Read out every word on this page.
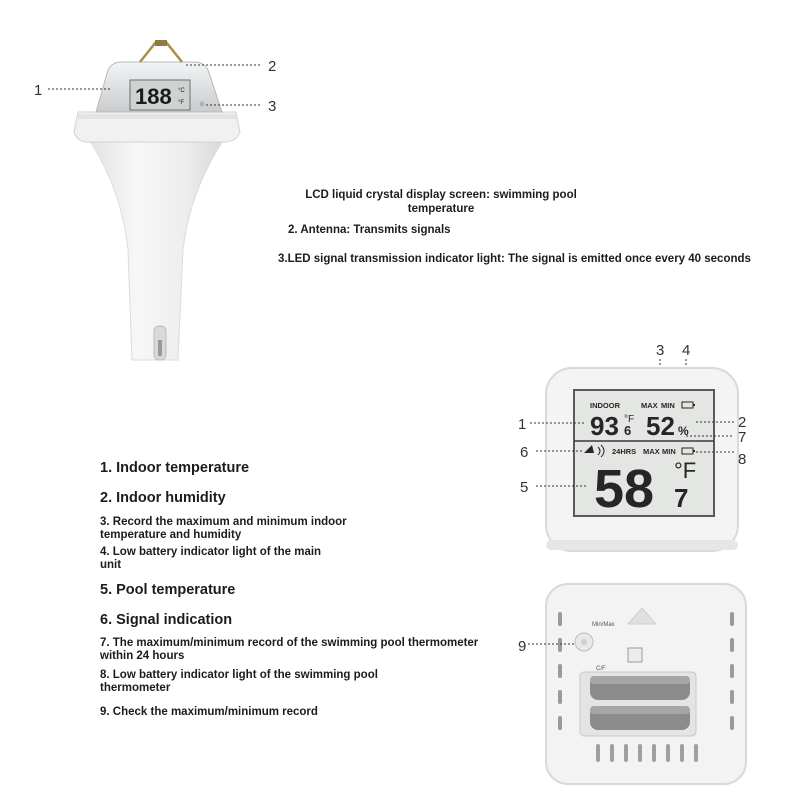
188 °C
°F
1
2
3
LCD liquid crystal display screen: swimming pool
temperature
2. Antenna: Transmits signals
3.LED signal transmission indicator light: The signal is emitted once every 40 seconds
3 4
INDOOR	MAX MIN
93 6
°F 52 %
24HRS MAX MIN
58 7
°F
1
6
5
2
7
8
Min/Max
C/F
9
1. Indoor temperature
2. Indoor humidity
3. Record the maximum and minimum indoor
temperature and humidity
4. Low battery indicator light of the main
unit
5. Pool temperature
6. Signal indication
7. The maximum/minimum record of the swimming pool thermometer
within 24 hours
8. Low battery indicator light of the swimming pool
thermometer
9. Check the maximum/minimum record
